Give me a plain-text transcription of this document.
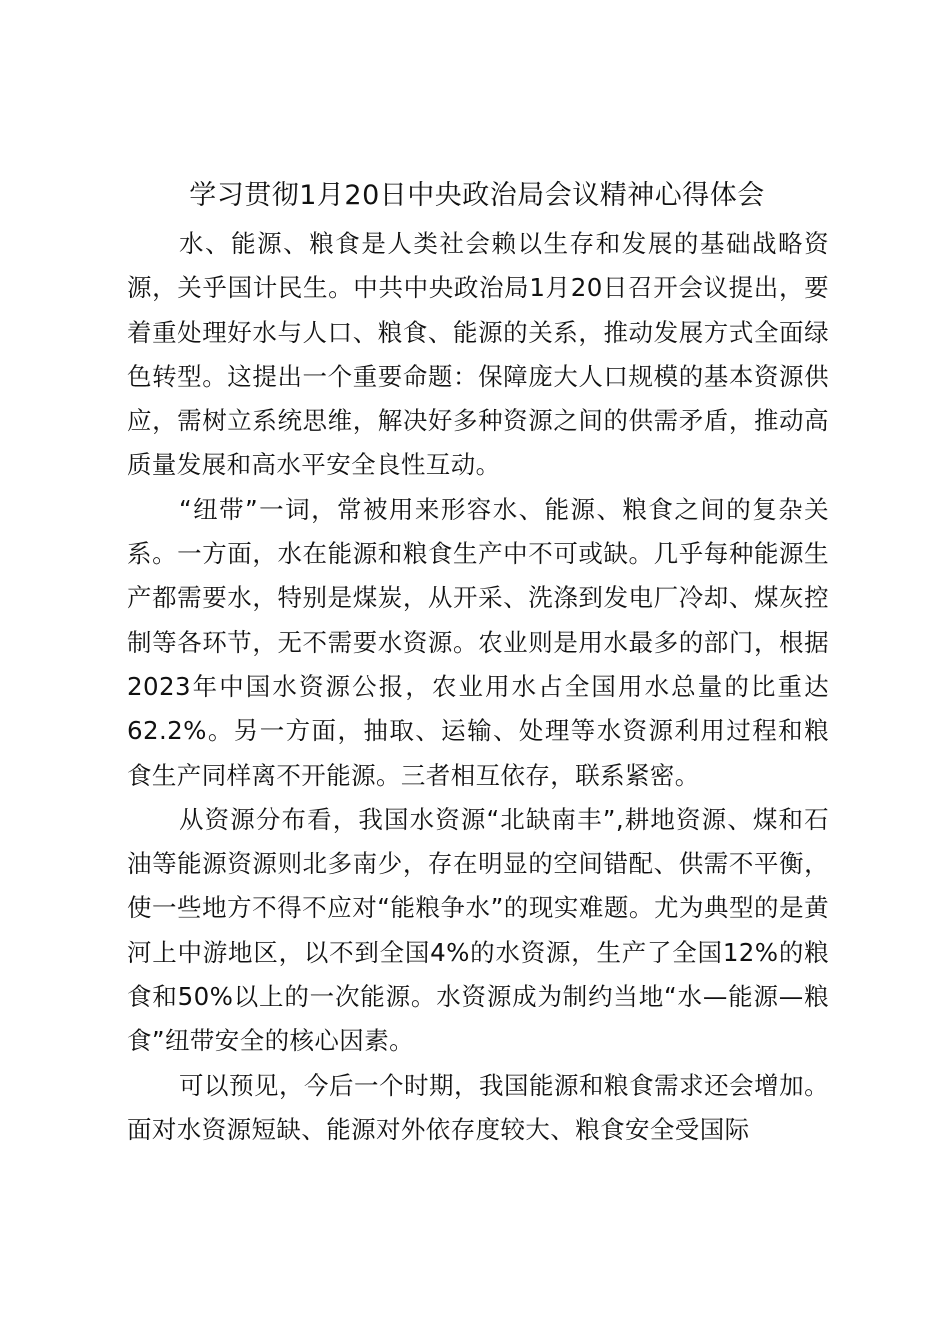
学习贯彻1月20日中央政治局会议精神心得体会

水、能源、粮食是人类社会赖以生存和发展的基础战略资源，关乎国计民生。中共中央政治局1月20日召开会议提出，要着重处理好水与人口、粮食、能源的关系，推动发展方式全面绿色转型。这提出一个重要命题：保障庞大人口规模的基本资源供应，需树立系统思维，解决好多种资源之间的供需矛盾，推动高质量发展和高水平安全良性互动。

“纽带”一词，常被用来形容水、能源、粮食之间的复杂关系。一方面，水在能源和粮食生产中不可或缺。几乎每种能源生产都需要水，特别是煤炭，从开采、洗涤到发电厂冷却、煤灰控制等各环节，无不需要水资源。农业则是用水最多的部门，根据2023年中国水资源公报，农业用水占全国用水总量的比重达62.2%。另一方面，抽取、运输、处理等水资源利用过程和粮食生产同样离不开能源。三者相互依存，联系紧密。

从资源分布看，我国水资源“北缺南丰”,耕地资源、煤和石油等能源资源则北多南少，存在明显的空间错配、供需不平衡，使一些地方不得不应对“能粮争水”的现实难题。尤为典型的是黄河上中游地区，以不到全国4%的水资源，生产了全国12%的粮食和50%以上的一次能源。水资源成为制约当地“水—能源—粮食”纽带安全的核心因素。

可以预见，今后一个时期，我国能源和粮食需求还会增加。面对水资源短缺、能源对外依存度较大、粮食安全受国际
